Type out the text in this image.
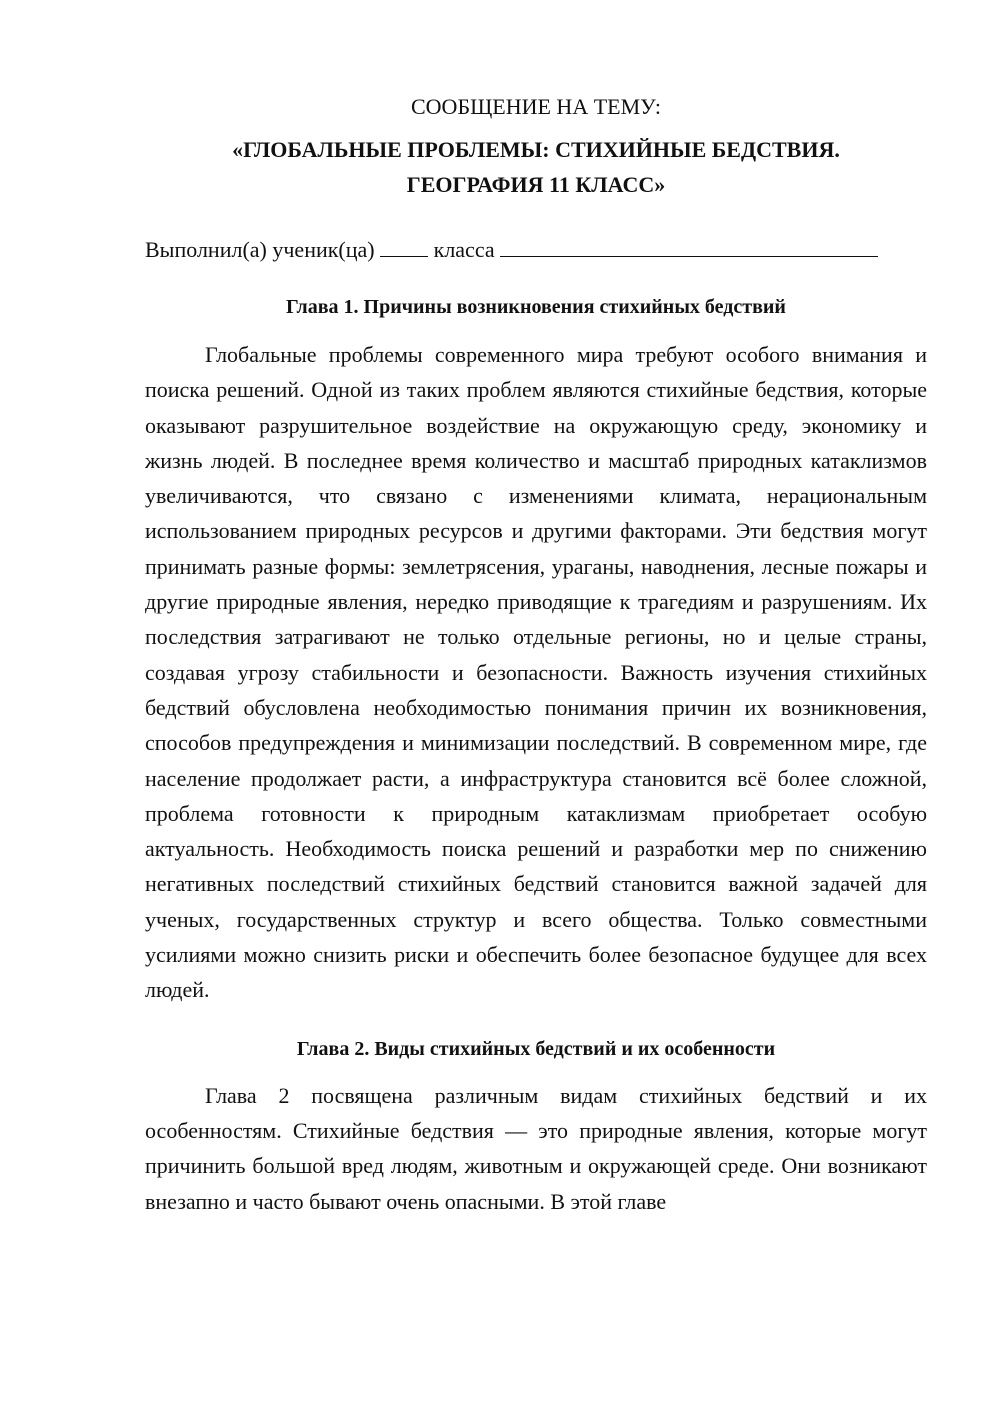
СООБЩЕНИЕ НА ТЕМУ:

«ГЛОБАЛЬНЫЕ ПРОБЛЕМЫ: СТИХИЙНЫЕ БЕДСТВИЯ.

ГЕОГРАФИЯ 11 КЛАСС»

Выполнил(а) ученик(ца)	класса
Глава 1. Причины возникновения стихийных бедствий

Глобальные проблемы современного мира требуют особого внимания и поиска решений. Одной из таких проблем являются стихийные бедствия, которые оказывают разрушительное воздействие на окружающую среду, экономику и жизнь людей. В последнее время количество и масштаб природных катаклизмов увеличиваются, что связано с изменениями климата, нерациональным использованием природных ресурсов и другими факторами. Эти бедствия могут принимать разные формы: землетрясения, ураганы, наводнения, лесные пожары и другие природные явления, нередко приводящие к трагедиям и разрушениям. Их последствия затрагивают не только отдельные регионы, но и целые страны, создавая угрозу стабильности и безопасности. Важность изучения стихийных бедствий обусловлена необходимостью понимания причин их возникновения, способов предупреждения и минимизации последствий. В современном мире, где население продолжает расти, а инфраструктура становится всё более сложной, проблема готовности к природным катаклизмам приобретает особую актуальность. Необходимость поиска решений и разработки мер по снижению негативных последствий стихийных бедствий становится важной задачей для ученых, государственных структур и всего общества. Только совместными усилиями можно снизить риски и обеспечить более безопасное будущее для всех людей.

Глава 2. Виды стихийных бедствий и их особенности

Глава 2 посвящена различным видам стихийных бедствий и их особенностям. Стихийные бедствия — это природные явления, которые могут причинить большой вред людям, животным и окружающей среде. Они возникают внезапно и часто бывают очень опасными. В этой главе
